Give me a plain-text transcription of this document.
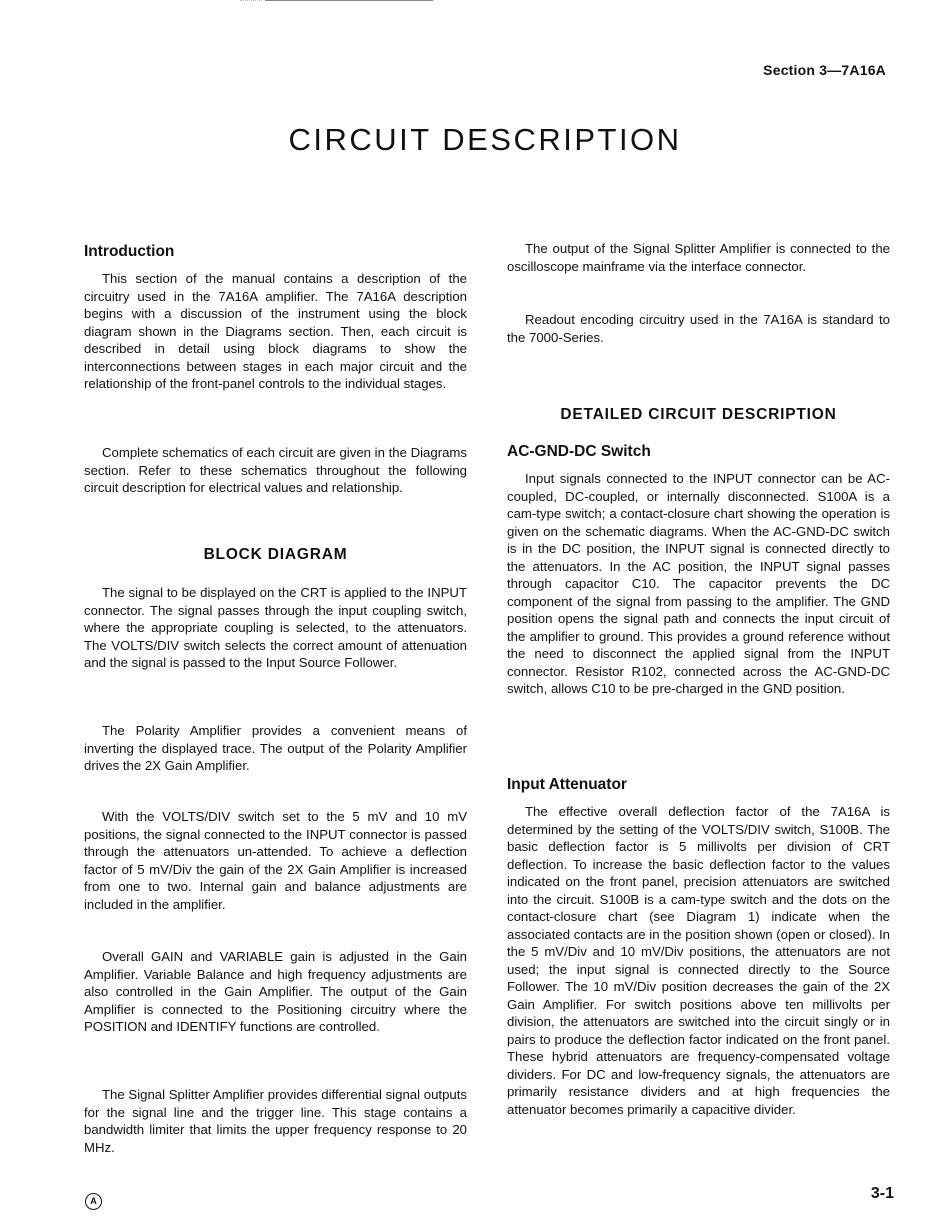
Section 3—7A16A
CIRCUIT DESCRIPTION
Introduction

This section of the manual contains a description of the circuitry used in the 7A16A amplifier. The 7A16A description begins with a discussion of the instrument using the block diagram shown in the Diagrams section. Then, each circuit is described in detail using block diagrams to show the interconnections between stages in each major circuit and the relationship of the front-panel controls to the individual stages.

Complete schematics of each circuit are given in the Diagrams section. Refer to these schematics throughout the following circuit description for electrical values and relationship.

BLOCK DIAGRAM

The signal to be displayed on the CRT is applied to the INPUT connector. The signal passes through the input coupling switch, where the appropriate coupling is selected, to the attenuators. The VOLTS/DIV switch selects the correct amount of attenuation and the signal is passed to the Input Source Follower.

The Polarity Amplifier provides a convenient means of inverting the displayed trace. The output of the Polarity Amplifier drives the 2X Gain Amplifier.

With the VOLTS/DIV switch set to the 5 mV and 10 mV positions, the signal connected to the INPUT connector is passed through the attenuators un-attended. To achieve a deflection factor of 5 mV/Div the gain of the 2X Gain Amplifier is increased from one to two. Internal gain and balance adjustments are included in the amplifier.

Overall GAIN and VARIABLE gain is adjusted in the Gain Amplifier. Variable Balance and high frequency adjustments are also controlled in the Gain Amplifier. The output of the Gain Amplifier is connected to the Positioning circuitry where the POSITION and IDENTIFY functions are controlled.

The Signal Splitter Amplifier provides differential signal outputs for the signal line and the trigger line. This stage contains a bandwidth limiter that limits the upper frequency response to 20 MHz.

The output of the Signal Splitter Amplifier is connected to the oscilloscope mainframe via the interface connector.

Readout encoding circuitry used in the 7A16A is standard to the 7000-Series.

DETAILED CIRCUIT DESCRIPTION
AC-GND-DC Switch

Input signals connected to the INPUT connector can be AC-coupled, DC-coupled, or internally disconnected. S100A is a cam-type switch; a contact-closure chart showing the operation is given on the schematic diagrams. When the AC-GND-DC switch is in the DC position, the INPUT signal is connected directly to the attenuators. In the AC position, the INPUT signal passes through capacitor C10. The capacitor prevents the DC component of the signal from passing to the amplifier. The GND position opens the signal path and connects the input circuit of the amplifier to ground. This provides a ground reference without the need to disconnect the applied signal from the INPUT connector. Resistor R102, connected across the AC-GND-DC switch, allows C10 to be pre-charged in the GND position.

Input Attenuator

The effective overall deflection factor of the 7A16A is determined by the setting of the VOLTS/DIV switch, S100B. The basic deflection factor is 5 millivolts per division of CRT deflection. To increase the basic deflection factor to the values indicated on the front panel, precision attenuators are switched into the circuit. S100B is a cam-type switch and the dots on the contact-closure chart (see Diagram 1) indicate when the associated contacts are in the position shown (open or closed). In the 5 mV/Div and 10 mV/Div positions, the attenuators are not used; the input signal is connected directly to the Source Follower. The 10 mV/Div position decreases the gain of the 2X Gain Amplifier. For switch positions above ten millivolts per division, the attenuators are switched into the circuit singly or in pairs to produce the deflection factor indicated on the front panel. These hybrid attenuators are frequency-compensated voltage dividers. For DC and low-frequency signals, the attenuators are primarily resistance dividers and at high frequencies the attenuator becomes primarily a capacitive divider.

A	3-1
